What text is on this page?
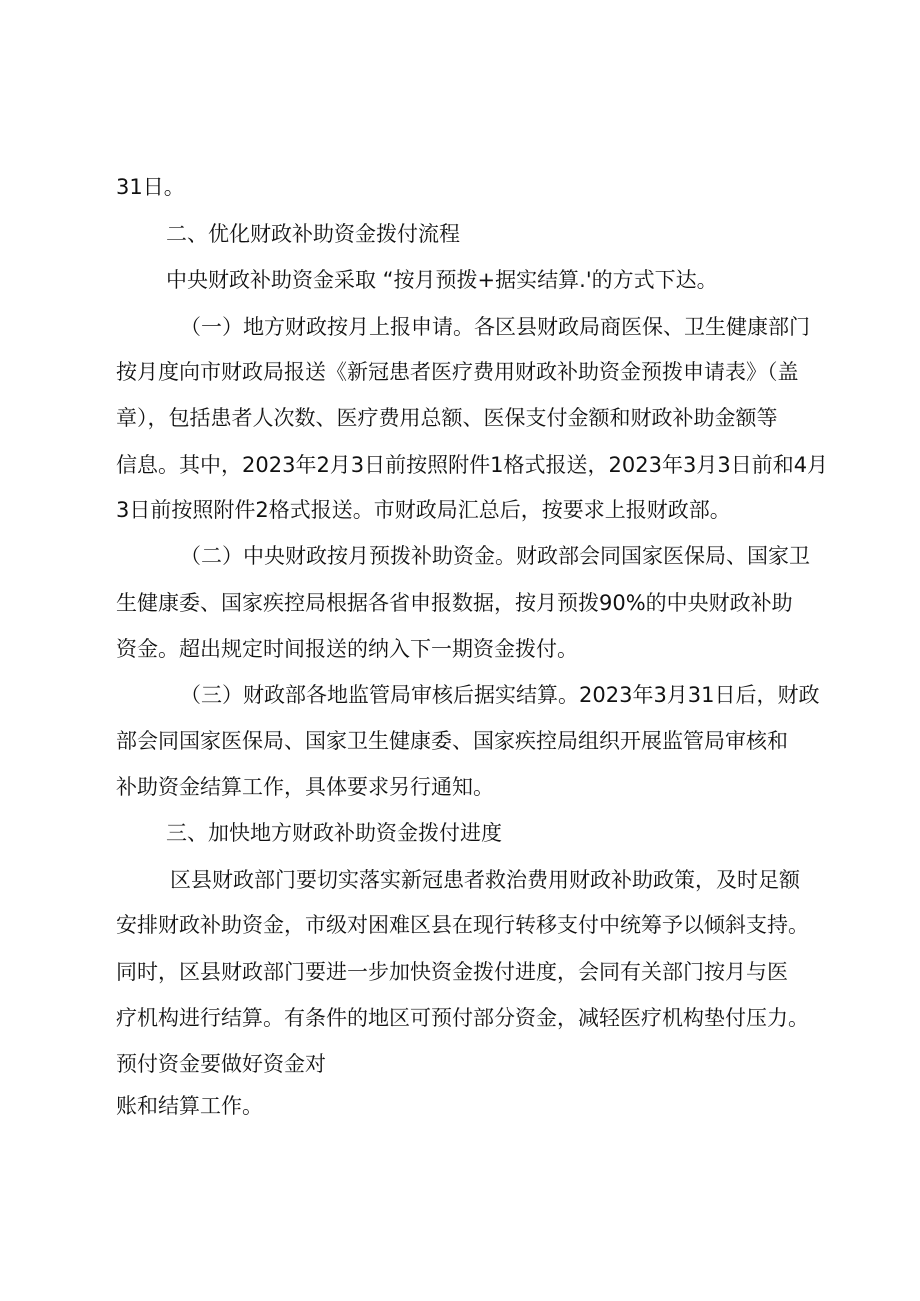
31日。
二、优化财政补助资金拨付流程
中央财政补助资金采取 “按月预拨+据实结算.'的方式下达。
（一）地方财政按月上报申请。各区县财政局商医保、卫生健康部门
按月度向市财政局报送《新冠患者医疗费用财政补助资金预拨申请表》（盖
章），包括患者人次数、医疗费用总额、医保支付金额和财政补助金额等
信息。其中，2023年2月3日前按照附件1格式报送，2023年3月3日前和4月
3日前按照附件2格式报送。市财政局汇总后，按要求上报财政部。
（二）中央财政按月预拨补助资金。财政部会同国家医保局、国家卫
生健康委、国家疾控局根据各省申报数据，按月预拨90%的中央财政补助
资金。超出规定时间报送的纳入下一期资金拨付。
（三）财政部各地监管局审核后据实结算。2023年3月31日后，财政
部会同国家医保局、国家卫生健康委、国家疾控局组织开展监管局审核和
补助资金结算工作，具体要求另行通知。
三、加快地方财政补助资金拨付进度
区县财政部门要切实落实新冠患者救治费用财政补助政策，及时足额
安排财政补助资金，市级对困难区县在现行转移支付中统筹予以倾斜支持。
同时，区县财政部门要进一步加快资金拨付进度，会同有关部门按月与医
疗机构进行结算。有条件的地区可预付部分资金，减轻医疗机构垫付压力。
预付资金要做好资金对
账和结算工作。
